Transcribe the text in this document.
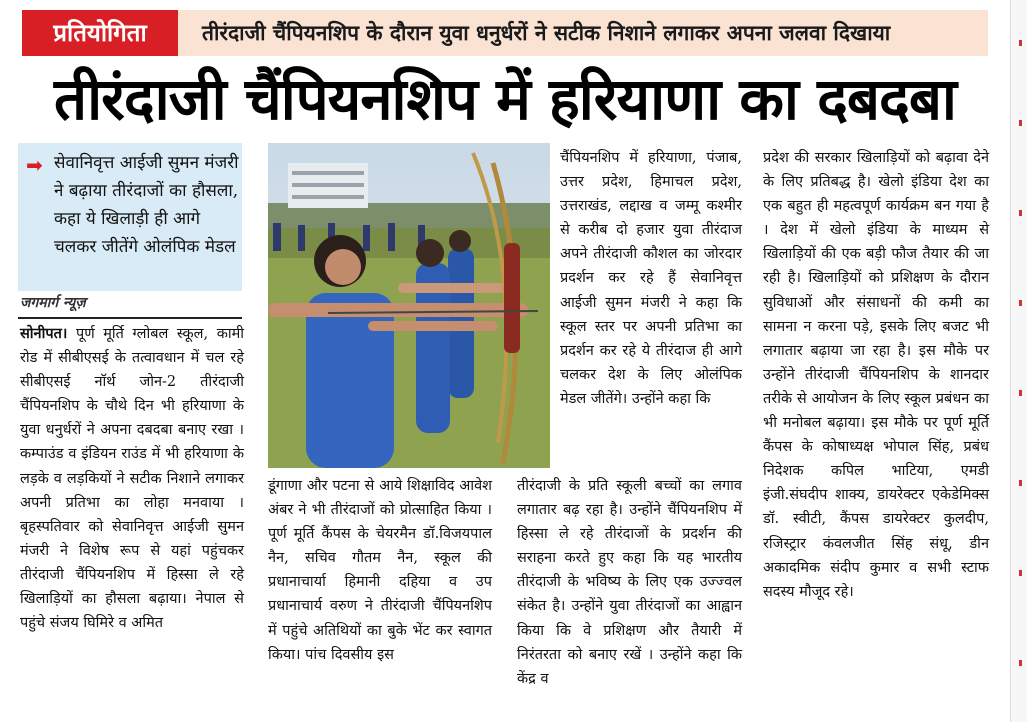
प्रतियोगिता	तीरंदाजी चैंपियनशिप के दौरान युवा धनुर्धरों ने सटीक निशाने लगाकर अपना जलवा दिखाया
तीरंदाजी चैंपियनशिप में हरियाणा का दबदबा
➡ सेवानिवृत्त आईजी सुमन मंजरी ने बढ़ाया तीरंदाजों का हौसला, कहा ये खिलाड़ी ही आगे चलकर जीतेंगे ओलंपिक मेडल
जगमार्ग न्यूज़

सोनीपत। पूर्ण मूर्ति ग्लोबल स्कूल, कामी रोड में सीबीएसई के तत्वावधान में चल रहे सीबीएसई नॉर्थ जोन-2 तीरंदाजी चैंपियनशिप के चौथे दिन भी हरियाणा के युवा धनुर्धरों ने अपना दबदबा बनाए रखा । कम्पाउंड व इंडियन राउंड में भी हरियाणा के लड़के व लड़कियों ने सटीक निशाने लगाकर अपनी प्रतिभा का लोहा मनवाया । बृहस्पतिवार को सेवानिवृत्त आईजी सुमन मंजरी ने विशेष रूप से यहां पहुंचकर तीरंदाजी चैंपियनशिप में हिस्सा ले रहे खिलाड़ियों का हौसला बढ़ाया। नेपाल से पहुंचे संजय घिमिरे व अमित

डूंगाणा और पटना से आये शिक्षाविद आवेश अंबर ने भी तीरंदाजों को प्रोत्साहित किया । पूर्ण मूर्ति कैंपस के चेयरमैन डॉ.विजयपाल नैन, सचिव गौतम नैन, स्कूल की प्रधानाचार्या हिमानी दहिया व उप प्रधानाचार्य वरुण ने तीरंदाजी चैंपियनशिप में पहुंचे अतिथियों का बुके भेंट कर स्वागत किया। पांच दिवसीय इस

चैंपियनशिप में हरियाणा, पंजाब, उत्तर प्रदेश, हिमाचल प्रदेश, उत्तराखंड, लद्दाख व जम्मू कश्मीर से करीब दो हजार युवा तीरंदाज अपने तीरंदाजी कौशल का जोरदार प्रदर्शन कर रहे हैं सेवानिवृत्त आईजी सुमन मंजरी ने कहा कि स्कूल स्तर पर अपनी प्रतिभा का प्रदर्शन कर रहे ये तीरंदाज ही आगे चलकर देश के लिए ओलंपिक मेडल जीतेंगे। उन्होंने कहा कि

तीरंदाजी के प्रति स्कूली बच्चों का लगाव लगातार बढ़ रहा है। उन्होंने चैंपियनशिप में हिस्सा ले रहे तीरंदाजों के प्रदर्शन की सराहना करते हुए कहा कि यह भारतीय तीरंदाजी के भविष्य के लिए एक उज्ज्वल संकेत है। उन्होंने युवा तीरंदाजों का आह्वान किया कि वे प्रशिक्षण और तैयारी में निरंतरता को बनाए रखें । उन्होंने कहा कि केंद्र व

प्रदेश की सरकार खिलाड़ियों को बढ़ावा देने के लिए प्रतिबद्ध है। खेलो इंडिया देश का एक बहुत ही महत्वपूर्ण कार्यक्रम बन गया है । देश में खेलो इंडिया के माध्यम से खिलाड़ियों की एक बड़ी फौज तैयार की जा रही है। खिलाड़ियों को प्रशिक्षण के दौरान सुविधाओं और संसाधनों की कमी का सामना न करना पड़े, इसके लिए बजट भी लगातार बढ़ाया जा रहा है। इस मौके पर उन्होंने तीरंदाजी चैंपियनशिप के शानदार तरीके से आयोजन के लिए स्कूल प्रबंधन का भी मनोबल बढ़ाया। इस मौके पर पूर्ण मूर्ति कैंपस के कोषाध्यक्ष भोपाल सिंह, प्रबंध निदेशक कपिल भाटिया, एमडी इंजी.संघदीप शाक्य, डायरेक्टर एकेडेमिक्स डॉ. स्वीटी, कैंपस डायरेक्टर कुलदीप, रजिस्ट्रार कंवलजीत सिंह संधू, डीन अकादमिक संदीप कुमार व सभी स्टाफ सदस्य मौजूद रहे।
